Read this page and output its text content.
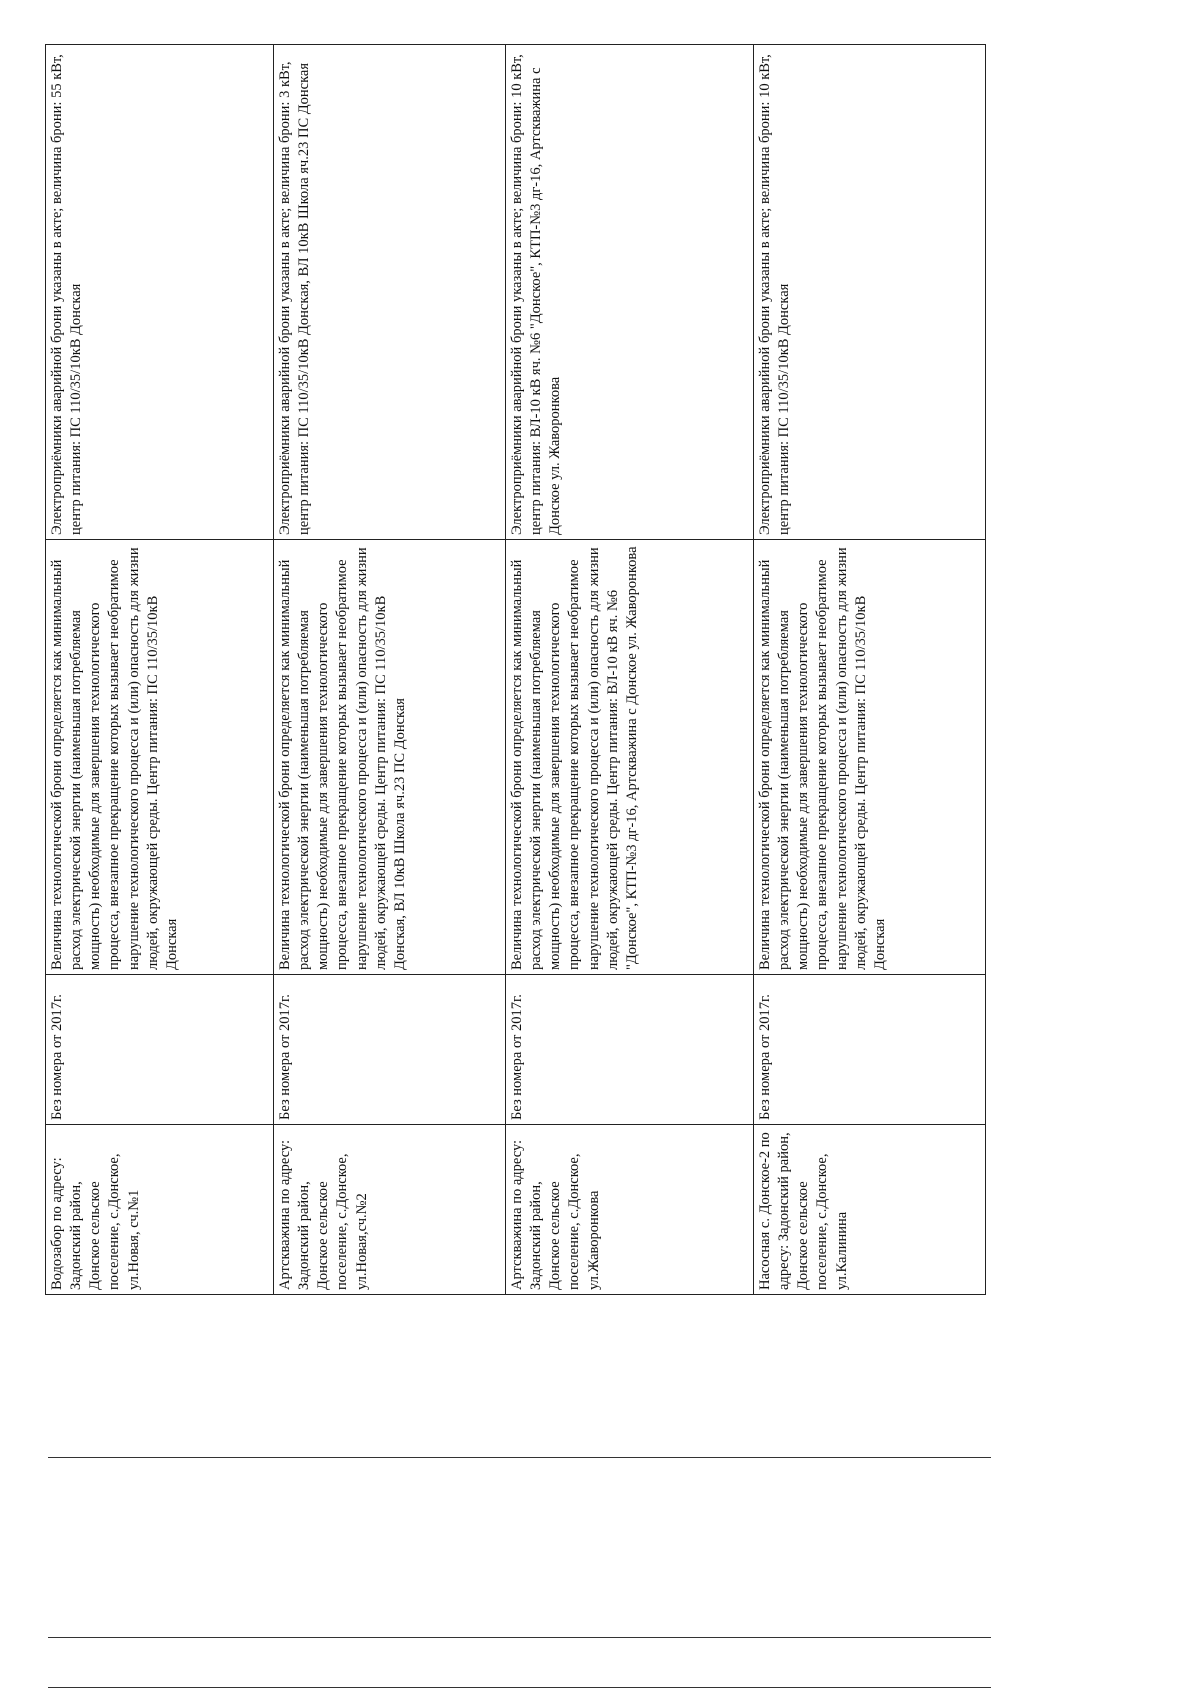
Водозабор по адресу: Задонский район, Донское сельское поселение, с.Донское, ул.Новая, сч.№1	Без номера от 2017г.	Величина технологической брони определяется как минимальный расход электрической энергии (наименьшая потребляемая мощность) необходимые для завершения технологического процесса, внезапное прекращение которых вызывает необратимое нарушение технологического процесса и (или) опасность для жизни людей, окружающей среды. Центр питания: ПС 110/35/10кВ Донская	Электроприёмники аварийной брони указаны в акте; величина брони: 55 кВт, центр питания: ПС 110/35/10кВ Донская
Артскважина по адресу: Задонский район, Донское сельское поселение, с.Донское, ул.Новая,сч.№2	Без номера от 2017г.	Величина технологической брони определяется как минимальный расход электрической энергии (наименьшая потребляемая мощность) необходимые для завершения технологического процесса, внезапное прекращение которых вызывает необратимое нарушение технологического процесса и (или) опасность для жизни людей, окружающей среды. Центр питания: ПС 110/35/10кВ Донская, ВЛ 10кВ Школа яч.23 ПС Донская	Электроприёмники аварийной брони указаны в акте; величина брони: 3 кВт, центр питания: ПС 110/35/10кВ Донская, ВЛ 10кВ Школа яч.23 ПС Донская
Артскважина по адресу: Задонский район, Донское сельское поселение, с.Донское, ул.Жаворонкова	Без номера от 2017г.	Величина технологической брони определяется как минимальный расход электрической энергии (наименьшая потребляемая мощность) необходимые для завершения технологического процесса, внезапное прекращение которых вызывает необратимое нарушение технологического процесса и (или) опасность для жизни людей, окружающей среды. Центр питания: ВЛ-10 кВ яч. №6 "Донское", КТП-№3 дг-16, Артскважина с Донское ул. Жаворонкова	Электроприёмники аварийной брони указаны в акте; величина брони: 10 кВт, центр питания: ВЛ-10 кВ яч. №6 "Донское", КТП-№3 дг-16, Артскважина с Донское ул. Жаворонкова
Насосная с. Донское-2 по адресу: Задонский район, Донское сельское поселение, с.Донское, ул.Калинина	Без номера от 2017г.	Величина технологической брони определяется как минимальный расход электрической энергии (наименьшая потребляемая мощность) необходимые для завершения технологического процесса, внезапное прекращение которых вызывает необратимое нарушение технологического процесса и (или) опасность для жизни людей, окружающей среды. Центр питания: ПС 110/35/10кВ Донская	Электроприёмники аварийной брони указаны в акте; величина брони: 10 кВт, центр питания: ПС 110/35/10кВ Донская
